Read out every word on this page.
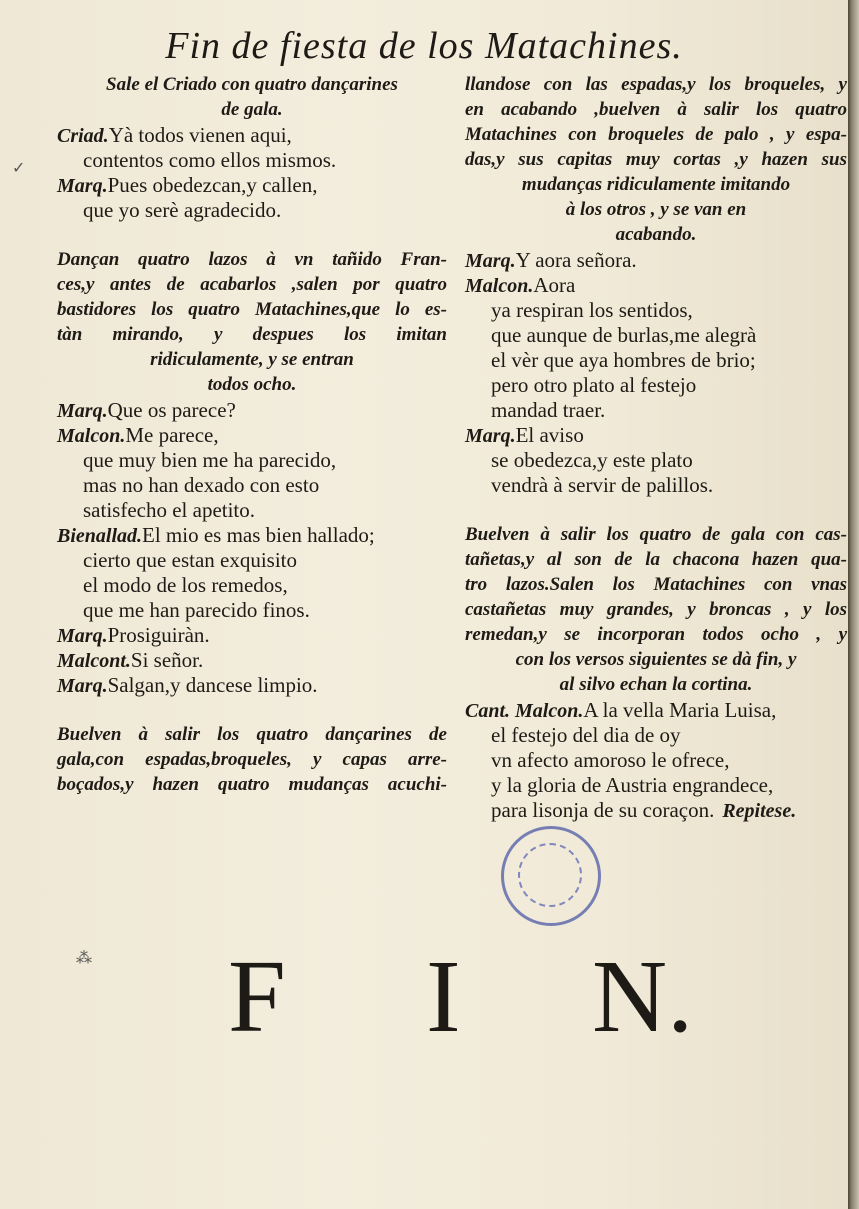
Fin de fiesta de los Matachines.
Sale el Criado con quatro dançarines
de gala.
Criad.Yà todos vienen aqui,
contentos como ellos mismos.
Marq.Pues obedezcan,y callen,
que yo serè agradecido.
Dançan quatro lazos à vn tañido Fran-
ces,y antes de acabarlos ,salen por quatro
bastidores los quatro Matachines,que lo es-
tàn mirando, y despues los imitan
ridiculamente, y se entran
todos ocho.
Marq.Que os parece?
Malcon.Me parece,
que muy bien me ha parecido,
mas no han dexado con esto
satisfecho el apetito.
Bienallad.El mio es mas bien hallado;
cierto que estan exquisito
el modo de los remedos,
que me han parecido finos.
Marq.Prosiguiràn.
Malcont.Si señor.
Marq.Salgan,y dancese limpio.
Buelven à salir los quatro dançarines de
gala,con espadas,broqueles, y capas arre-
boçados,y hazen quatro mudanças acuchi-
llandose con las espadas,y los broqueles, y
en acabando ,buelven à salir los quatro
Matachines con broqueles de palo , y espa-
das,y sus capitas muy cortas ,y hazen sus
mudanças ridiculamente imitando
à los otros , y se van en
acabando.
Marq.Y aora señora.
Malcon.Aora
ya respiran los sentidos,
que aunque de burlas,me alegrà
el vèr que aya hombres de brio;
pero otro plato al festejo
mandad traer.
Marq.El aviso
se obedezca,y este plato
vendrà à servir de palillos.
Buelven à salir los quatro de gala con cas-
tañetas,y al son de la chacona hazen qua-
tro lazos.Salen los Matachines con vnas
castañetas muy grandes, y broncas , y los
remedan,y se incorporan todos ocho , y
con los versos siguientes se dà fin, y
al silvo echan la cortina.
Cant. Malcon.A la vella Maria Luisa,
el festejo del dia de oy
vn afecto amoroso le ofrece,
y la gloria de Austria engrandece,
para lisonja de su coraçon. Repitese.
✓
⁂ F I N.
